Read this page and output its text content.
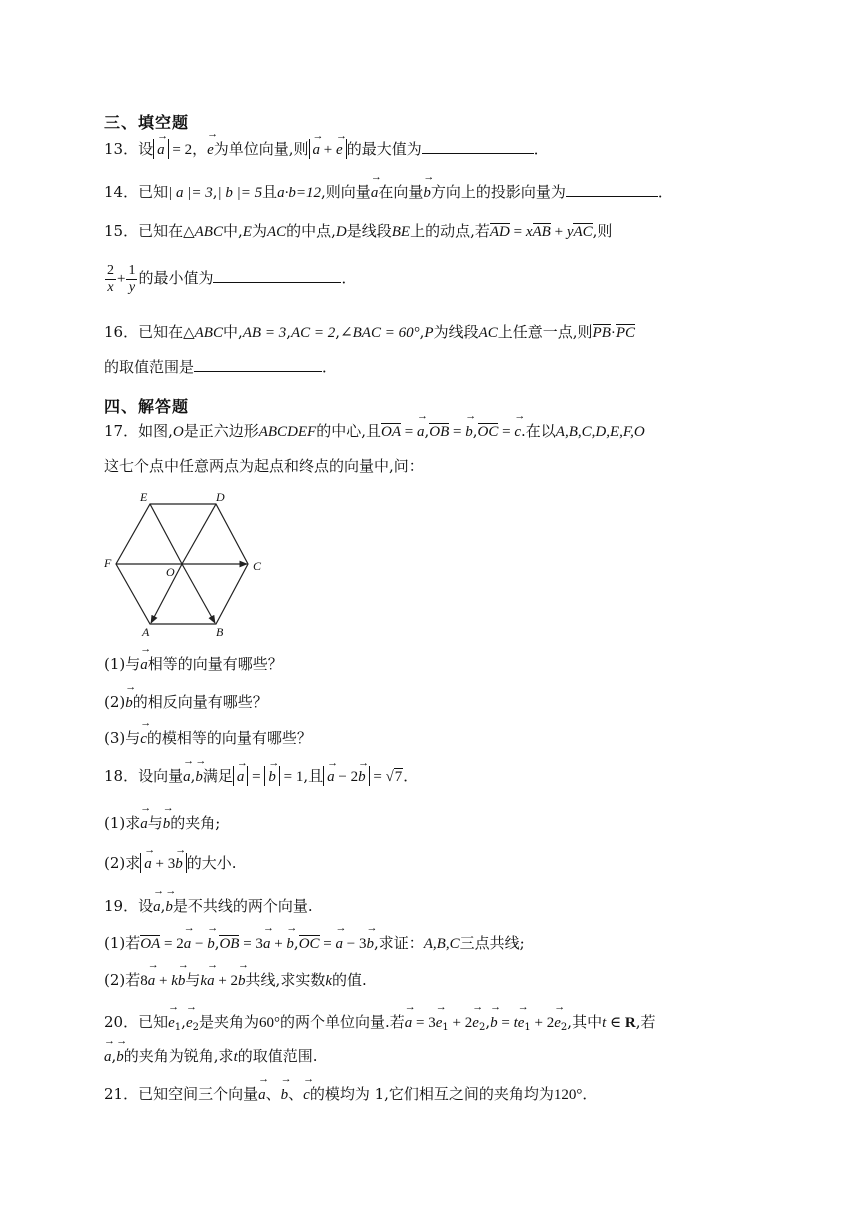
三、填空题
13．设 → a = 2，→ e为单位向量,则 → a + → e 的最大值为	．
14．已知| a |= 3,| b |= 5且a·b=12,则向量→ a在向量→ b方向上的投影向量为	．
15．已知在△ABC中,E为AC的中点,D是线段BE上的动点,若AD = xAB + yAC,则
$\frac{2}{x} + \frac{1}{y}$ 的最小值为	．
16．已知在△ABC中,AB = 3,AC = 2,∠BAC = 60°,P为线段AC上任意一点,则PB·PC
的取值范围是	．
四、解答题
17．如图,O是正六边形ABCDEF的中心,且OA = → a,OB = → b,OC = → c.在以A,B,C,D,E,F,O
这七个点中任意两点为起点和终点的向量中,问：
E	D
F
O	C
A	B
(1)与→ a相等的向量有哪些？
(2)→ b的相反向量有哪些？
(3)与→ c的模相等的向量有哪些？
18．设向量→ a,→ b满足 → a = → b = 1,且 → a − 2→ b = √7．
(1)求→ a与→ b的夹角;
(2)求 → a + 3→ b 的大小.
19．设→ a,→ b是不共线的两个向量.
(1)若OA = 2→ a − → b,OB = 3→ a + → b,OC = → a − 3→ b,求证：A,B,C三点共线;
(2)若8→ a + k→ b与k→ a + 2→ b共线,求实数k的值.
20．已知→ $e_1,\to e_2$是夹角为60°的两个单位向量.若→ $a = 3\to e_1 + 2\to e_2,\to b = t\to e_1 + 2\to e_2$,其中t ∈ R,若
→ a,→ b的夹角为锐角,求t的取值范围.
21．已知空间三个向量→ a、→ b、→ c的模均为 1,它们相互之间的夹角均为120°．
